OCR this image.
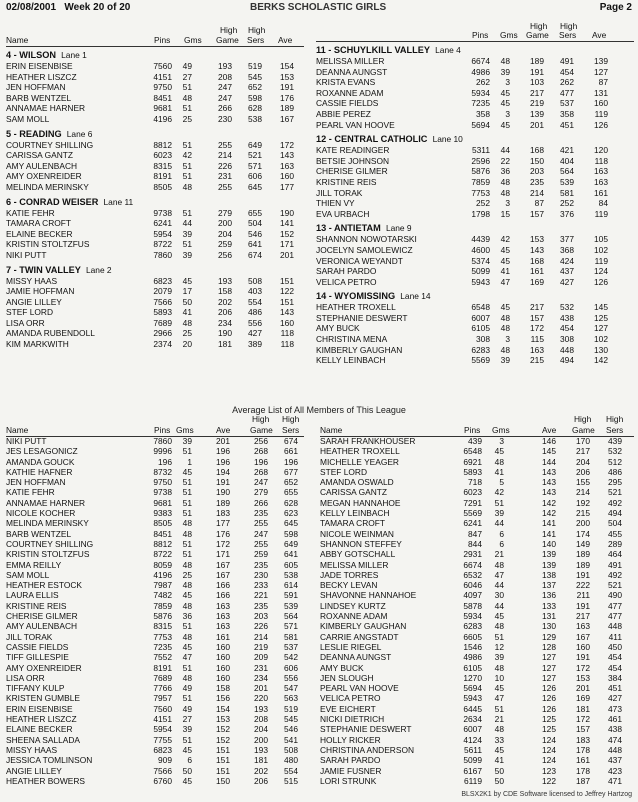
02/08/2001 Week 20 of 20	BERKS SCHOLASTIC GIRLS	Page 2
Name	Pins Gms
High High
Game Sers Ave
4 - WILSON Lane 1
ERIN EISENBISE	7560	49	193	519	154
HEATHER LISZCZ	4151	27	208	545	153
JEN HOFFMAN	9750	51	247	652	191
BARB WENTZEL	8451	48	247	598	176
ANNAMAE HARNER	9681	51	266	628	189
SAM MOLL	4196	25	230	538	167
5 - READING Lane 6
COURTNEY SHILLING	8812	51	255	649	172
CARISSA GANTZ	6023	42	214	521	143
AMY AULENBACH	8315	51	226	571	163
AMY OXENREIDER	8191	51	231	606	160
MELINDA MERINSKY	8505	48	255	645	177
6 - CONRAD WEISER Lane 11
KATIE FEHR	9738	51	279	655	190
TAMARA CROFT	6241	44	200	504	141
ELAINE BECKER	5954	39	204	546	152
KRISTIN STOLTZFUS	8722	51	259	641	171
NIKI PUTT	7860	39	256	674	201
7 - TWIN VALLEY Lane 2
MISSY HAAS	6823	45	193	508	151
JAMIE HOFFMAN	2079	17	158	403	122
ANGIE LILLEY	7566	50	202	554	151
STEF LORD	5893	41	206	486	143
LISA ORR	7689	48	234	556	160
AMANDA RUBENDOLL	2966	25	190	427	118
KIM MARKWITH	2374	20	181	389	118
Pins Gms
High High
Game Sers Ave
11 - SCHUYLKILL VALLEY Lane 4
MELISSA MILLER	6674	48	189	491	139
DEANNA AUNGST	4986	39	191	454	127
KRISTA EVANS	262	3	103	262	87
ROXANNE ADAM	5934	45	217	477	131
CASSIE FIELDS	7235	45	219	537	160
ABBIE PEREZ	358	3	139	358	119
PEARL VAN HOOVE	5694	45	201	451	126
12 - CENTRAL CATHOLIC Lane 10
KATE READINGER	5311	44	168	421	120
BETSIE JOHNSON	2596	22	150	404	118
CHERISE GILMER	5876	36	203	564	163
KRISTINE REIS	7859	48	235	539	163
JILL TORAK	7753	48	214	581	161
THIEN VY	252	3	87	252	84
EVA URBACH	1798	15	157	376	119
13 - ANTIETAM Lane 9
SHANNON NOWOTARSKI	4439	42	153	377	105
JOCELYN SAMOLEWICZ	4600	45	143	368	102
VERONICA WEYANDT	5374	45	168	424	119
SARAH PARDO	5099	41	161	437	124
VELICA PETRO	5943	47	169	427	126
14 - WYOMISSING Lane 14
HEATHER TROXELL	6548	45	217	532	145
STEPHANIE DESWERT	6007	48	157	438	125
AMY BUCK	6105	48	172	454	127
CHRISTINA MENA	308	3	115	308	102
KIMBERLY GAUGHAN	6283	48	163	448	130
KELLY LEINBACH	5569	39	215	494	142
Average List of All Members of This League
Name	Pins Gms	Ave
High High
Game Sers
NIKI PUTT	7860	39	201	256	674
JES LESAGONICZ	9996	51	196	268	661
AMANDA GOUCK	196	1	196	196	196
KATHIE HAFNER	8732	45	194	268	677
JEN HOFFMAN	9750	51	191	247	652
KATIE FEHR	9738	51	190	279	655
ANNAMAE HARNER	9681	51	189	266	628
NICOLE KOCHER	9383	51	183	235	623
MELINDA MERINSKY	8505	48	177	255	645
BARB WENTZEL	8451	48	176	247	598
COURTNEY SHILLING	8812	51	172	255	649
KRISTIN STOLTZFUS	8722	51	171	259	641
EMMA REILLY	8059	48	167	235	605
SAM MOLL	4196	25	167	230	538
HEATHER ESTOCK	7987	48	166	233	614
LAURA ELLIS	7482	45	166	221	591
KRISTINE REIS	7859	48	163	235	539
CHERISE GILMER	5876	36	163	203	564
AMY AULENBACH	8315	51	163	226	571
JILL TORAK	7753	48	161	214	581
CASSIE FIELDS	7235	45	160	219	537
TIFF GILLESPIE	7552	47	160	209	542
AMY OXENREIDER	8191	51	160	231	606
LISA ORR	7689	48	160	234	556
TIFFANY KULP	7766	49	158	201	547
KRISTEN GUMBLE	7957	51	156	220	563
ERIN EISENBISE	7560	49	154	193	519
HEATHER LISZCZ	4151	27	153	208	545
ELAINE BECKER	5954	39	152	204	546
SHEENA SALLADA	7755	51	152	200	541
MISSY HAAS	6823	45	151	193	508
JESSICA TOMLINSON	909	6	151	181	480
ANGIE LILLEY	7566	50	151	202	554
HEATHER BOWERS	6760	45	150	206	515
Name	Pins Gms	Ave
High High
Game Sers
SARAH FRANKHOUSER	439	3	146	170	439
HEATHER TROXELL	6548	45	145	217	532
MICHELLE YEAGER	6921	48	144	204	512
STEF LORD	5893	41	143	206	486
AMANDA OSWALD	718	5	143	155	295
CARISSA GANTZ	6023	42	143	214	521
MEGAN HANNAHOE	7291	51	142	192	492
KELLY LEINBACH	5569	39	142	215	494
TAMARA CROFT	6241	44	141	200	504
NICOLE WEINMAN	847	6	141	174	455
SHANNON STEFFEY	844	6	140	149	289
ABBY GOTSCHALL	2931	21	139	189	464
MELISSA MILLER	6674	48	139	189	491
JADE TORRES	6532	47	138	191	492
BECKY LEVAN	6046	44	137	222	521
SHAVONNE HANNAHOE	4097	30	136	211	490
LINDSEY KURTZ	5878	44	133	191	477
ROXANNE ADAM	5934	45	131	217	477
KIMBERLY GAUGHAN	6283	48	130	163	448
CARRIE ANGSTADT	6605	51	129	167	411
LESLIE RIEGEL	1546	12	128	160	450
DEANNA AUNGST	4986	39	127	191	454
AMY BUCK	6105	48	127	172	454
JEN SLOUGH	1270	10	127	153	384
PEARL VAN HOOVE	5694	45	126	201	451
VELICA PETRO	5943	47	126	169	427
EVE EICHERT	6445	51	126	181	473
NICKI DIETRICH	2634	21	125	172	461
STEPHANIE DESWERT	6007	48	125	157	438
HOLLY RICKER	4124	33	124	183	474
CHRISTINA ANDERSON	5611	45	124	178	448
SARAH PARDO	5099	41	124	161	437
JAMIE FUSNER	6167	50	123	178	423
LORI STRUNK	6119	50	122	187	471
BLSX2K1 by CDE Software licensed to Jeffrey Hartzog
